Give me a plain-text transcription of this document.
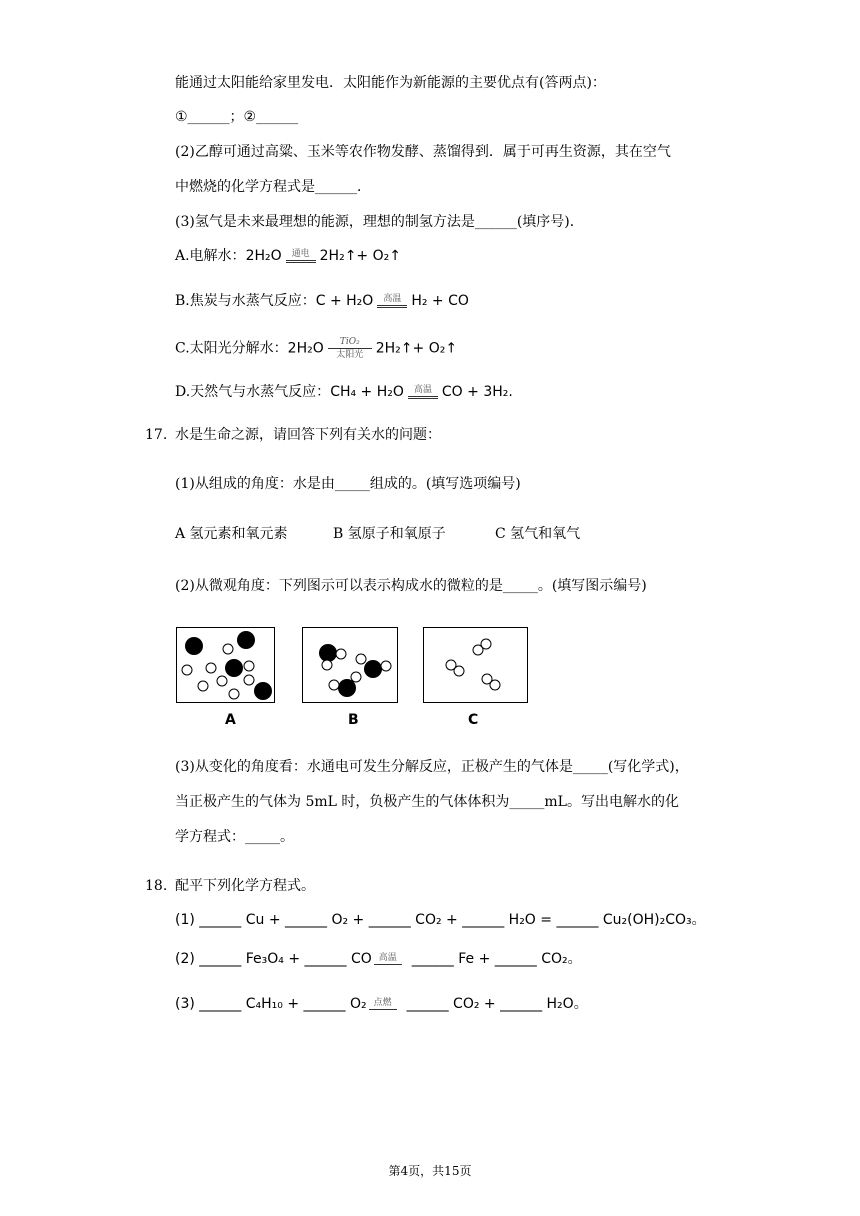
能通过太阳能给家里发电．太阳能作为新能源的主要优点有(答两点)：
①______；②______
(2)乙醇可通过高粱、玉米等农作物发酵、蒸馏得到．属于可再生资源，其在空气
中燃烧的化学方程式是______．
(3)氢气是未来最理想的能源，理想的制氢方法是______(填序号)．
A.电解水：2H₂O	通电 2H₂↑+ O₂↑
B.焦炭与水蒸气反应：C + H₂O	高温 H₂ + CO
C.太阳光分解水：2H₂O	TiO₂
太阳光 2H₂↑+ O₂↑
D.天然气与水蒸气反应：CH₄ + H₂O	高温 CO + 3H₂.
17. 水是生命之源，请回答下列有关水的问题：
(1)从组成的角度：水是由_____组成的。(填写选项编号)
A 氢元素和氧元素	B 氢原子和氧原子	C 氢气和氧气
(2)从微观角度：下列图示可以表示构成水的微粒的是_____。(填写图示编号)
A	B	C
(3)从变化的角度看：水通电可发生分解反应，正极产生的气体是_____(写化学式)，
当正极产生的气体为 5mL 时，负极产生的气体体积为_____mL。写出电解水的化
学方程式：_____。
18. 配平下列化学方程式。
(1) ______ Cu + ______ O₂ + ______ CO₂ + ______ H₂O = ______ Cu₂(OH)₂CO₃。
(2) ______ Fe₃O₄ + ______ CO 高温	______ Fe + ______ CO₂。
(3) ______ C₄H₁₀ + ______ O₂ 点燃	______ CO₂ + ______ H₂O。
第4页，共15页
